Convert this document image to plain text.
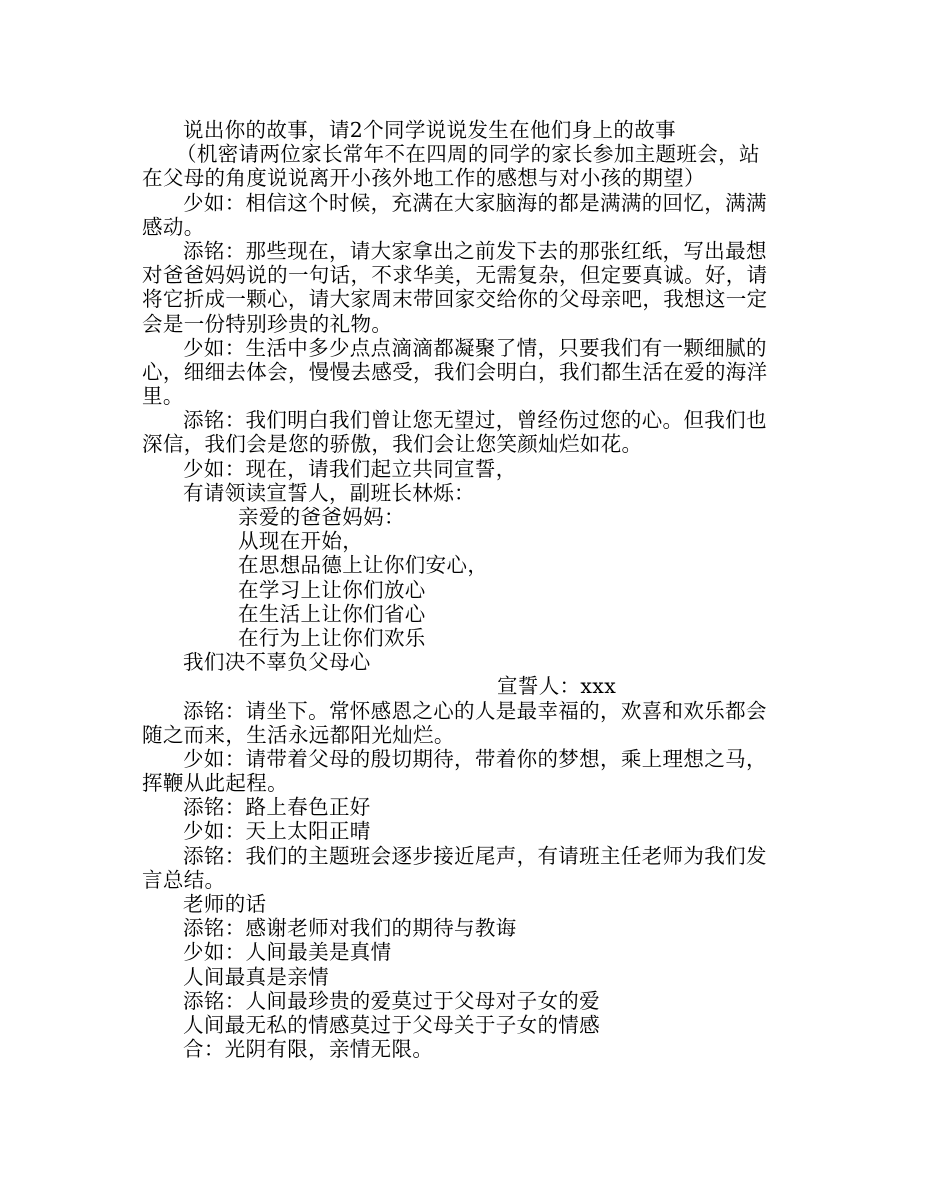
说出你的故事，请2个同学说说发生在他们身上的故事
（机密请两位家长常年不在四周的同学的家长参加主题班会，站
在父母的角度说说离开小孩外地工作的感想与对小孩的期望）
少如：相信这个时候，充满在大家脑海的都是满满的回忆，满满
感动。
添铭：那些现在，请大家拿出之前发下去的那张红纸，写出最想
对爸爸妈妈说的一句话，不求华美，无需复杂，但定要真诚。好，请
将它折成一颗心，请大家周末带回家交给你的父母亲吧，我想这一定
会是一份特别珍贵的礼物。
少如：生活中多少点点滴滴都凝聚了情，只要我们有一颗细腻的
心，细细去体会，慢慢去感受，我们会明白，我们都生活在爱的海洋
里。
添铭：我们明白我们曾让您无望过，曾经伤过您的心。但我们也
深信，我们会是您的骄傲，我们会让您笑颜灿烂如花。
少如：现在，请我们起立共同宣誓，
有请领读宣誓人，副班长林烁：
亲爱的爸爸妈妈：
从现在开始，
在思想品德上让你们安心，
在学习上让你们放心
在生活上让你们省心
在行为上让你们欢乐
我们决不辜负父母心
宣誓人：xxx
添铭：请坐下。常怀感恩之心的人是最幸福的，欢喜和欢乐都会
随之而来，生活永远都阳光灿烂。
少如：请带着父母的殷切期待，带着你的梦想，乘上理想之马，
挥鞭从此起程。
添铭：路上春色正好
少如：天上太阳正晴
添铭：我们的主题班会逐步接近尾声，有请班主任老师为我们发
言总结。
老师的话
添铭：感谢老师对我们的期待与教诲
少如：人间最美是真情
人间最真是亲情
添铭：人间最珍贵的爱莫过于父母对子女的爱
人间最无私的情感莫过于父母关于子女的情感
合：光阴有限，亲情无限。
